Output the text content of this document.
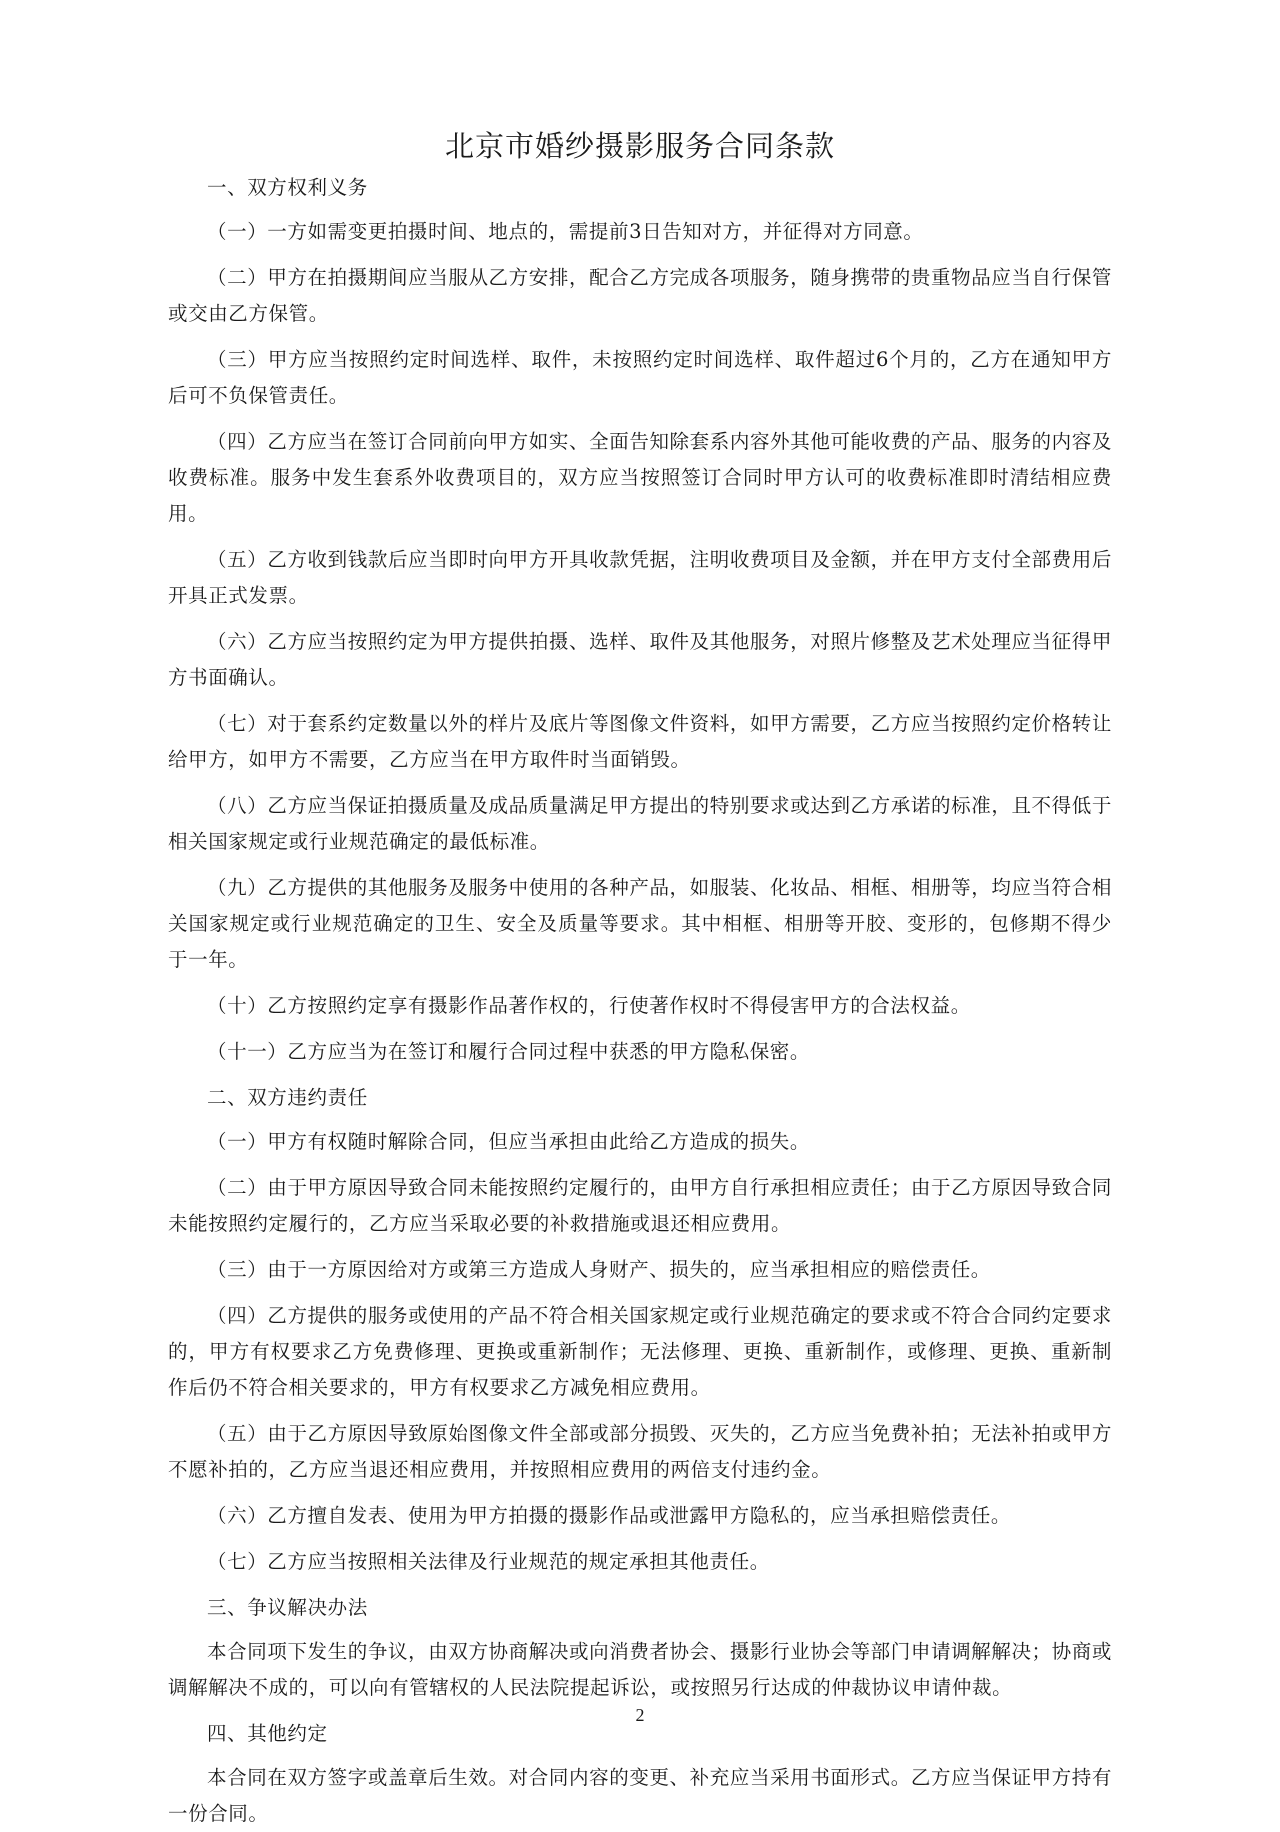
北京市婚纱摄影服务合同条款

一、双方权利义务

（一）一方如需变更拍摄时间、地点的，需提前3日告知对方，并征得对方同意。

（二）甲方在拍摄期间应当服从乙方安排，配合乙方完成各项服务，随身携带的贵重物品应当自行保管或交由乙方保管。

（三）甲方应当按照约定时间选样、取件，未按照约定时间选样、取件超过6个月的，乙方在通知甲方后可不负保管责任。

（四）乙方应当在签订合同前向甲方如实、全面告知除套系内容外其他可能收费的产品、服务的内容及收费标准。服务中发生套系外收费项目的，双方应当按照签订合同时甲方认可的收费标准即时清结相应费用。

（五）乙方收到钱款后应当即时向甲方开具收款凭据，注明收费项目及金额，并在甲方支付全部费用后开具正式发票。

（六）乙方应当按照约定为甲方提供拍摄、选样、取件及其他服务，对照片修整及艺术处理应当征得甲方书面确认。

（七）对于套系约定数量以外的样片及底片等图像文件资料，如甲方需要，乙方应当按照约定价格转让给甲方，如甲方不需要，乙方应当在甲方取件时当面销毁。

（八）乙方应当保证拍摄质量及成品质量满足甲方提出的特别要求或达到乙方承诺的标准，且不得低于相关国家规定或行业规范确定的最低标准。

（九）乙方提供的其他服务及服务中使用的各种产品，如服装、化妆品、相框、相册等，均应当符合相关国家规定或行业规范确定的卫生、安全及质量等要求。其中相框、相册等开胶、变形的，包修期不得少于一年。

（十）乙方按照约定享有摄影作品著作权的，行使著作权时不得侵害甲方的合法权益。

（十一）乙方应当为在签订和履行合同过程中获悉的甲方隐私保密。

二、双方违约责任

（一）甲方有权随时解除合同，但应当承担由此给乙方造成的损失。

（二）由于甲方原因导致合同未能按照约定履行的，由甲方自行承担相应责任；由于乙方原因导致合同未能按照约定履行的，乙方应当采取必要的补救措施或退还相应费用。

（三）由于一方原因给对方或第三方造成人身财产、损失的，应当承担相应的赔偿责任。

（四）乙方提供的服务或使用的产品不符合相关国家规定或行业规范确定的要求或不符合合同约定要求的，甲方有权要求乙方免费修理、更换或重新制作；无法修理、更换、重新制作，或修理、更换、重新制作后仍不符合相关要求的，甲方有权要求乙方减免相应费用。

（五）由于乙方原因导致原始图像文件全部或部分损毁、灭失的，乙方应当免费补拍；无法补拍或甲方不愿补拍的，乙方应当退还相应费用，并按照相应费用的两倍支付违约金。

（六）乙方擅自发表、使用为甲方拍摄的摄影作品或泄露甲方隐私的，应当承担赔偿责任。

（七）乙方应当按照相关法律及行业规范的规定承担其他责任。

三、争议解决办法

本合同项下发生的争议，由双方协商解决或向消费者协会、摄影行业协会等部门申请调解解决；协商或调解解决不成的，可以向有管辖权的人民法院提起诉讼，或按照另行达成的仲裁协议申请仲裁。

四、其他约定

本合同在双方签字或盖章后生效。对合同内容的变更、补充应当采用书面形式。乙方应当保证甲方持有一份合同。

2
